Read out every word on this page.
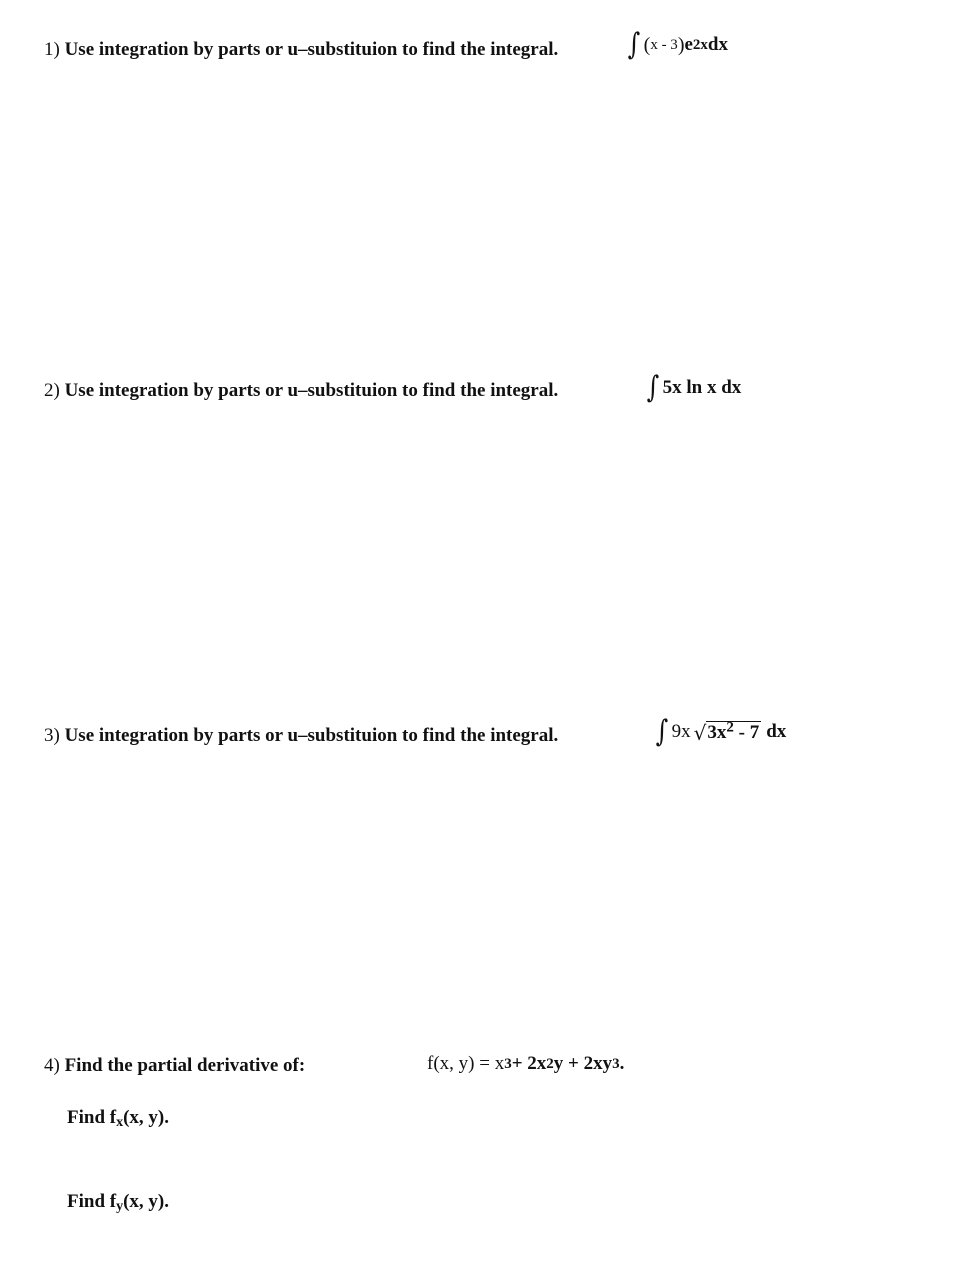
1) Use integration by parts or u–substituion to find the integral. ∫ ( x - 3 ) e 2x dx
2) Use integration by parts or u–substituion to find the integral.	∫ 5x ln x dx
3) Use integration by parts or u–substituion to find the integral.	∫ 9x √ $3x^2 - 7$ dx
4) Find the partial derivative of:	f(x, y) = x 3 + 2x 2 y + 2xy 3 .
Find $f_x(x$, y).
Find $f_y(x$, y).
